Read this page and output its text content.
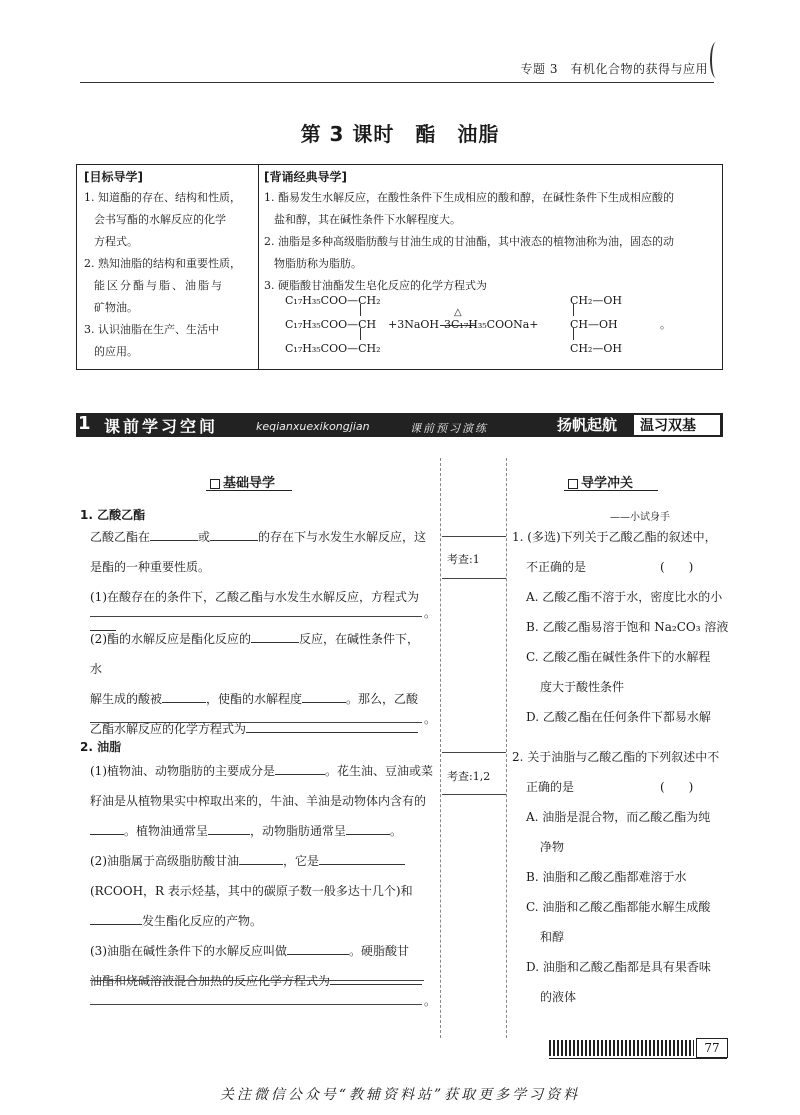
专题 3　有机化合物的获得与应用
第 3 课时　酯　油脂
[目标导学]
1. 知道酯的存在、结构和性质，
会书写酯的水解反应的化学
方程式。
2. 熟知油脂的结构和重要性质，
能区分酯与脂、油脂与
矿物油。
3. 认识油脂在生产、生活中
的应用。
[背诵经典导学]
1. 酯易发生水解反应，在酸性条件下生成相应的酸和醇，在碱性条件下生成相应酸的
盐和醇，其在碱性条件下水解程度大。
2. 油脂是多种高级脂肪酸与甘油生成的甘油酯，其中液态的植物油称为油，固态的动
物脂肪称为脂肪。
3. 硬脂酸甘油酯发生皂化反应的化学方程式为
C₁₇H₃₅COO—CH₂
C₁₇H₃₅COO—CH
C₁₇H₃₅COO—CH₂
+3NaOH
△
3C₁₇H₃₅COONa+
CH₂—OH
CH—OH
CH₂—OH
。
1 课前学习空间	keqianxuexikongjian	课前预习演练	扬帆起航 温习双基
基础导学
1. 乙酸乙酯
乙酸乙酯在	或	的存在下与水发生水解反应，这
是酯的一种重要性质。
(1)在酸存在的条件下，乙酸乙酯与水发生水解反应，方程式为
。
(2)酯的水解反应是酯化反应的	反应，在碱性条件下，水
解生成的酸被	，使酯的水解程度	。那么，乙酸
乙酯水解反应的化学方程式为
。
2. 油脂
(1)植物油、动物脂肪的主要成分是	。花生油、豆油或菜
籽油是从植物果实中榨取出来的，牛油、羊油是动物体内含有的
。植物油通常呈	，动物脂肪通常呈	。
(2)油脂属于高级脂肪酸甘油	，它是
(RCOOH，R 表示烃基，其中的碳原子数一般多达十几个)和
发生酯化反应的产物。
(3)油脂在碱性条件下的水解反应叫做	。硬脂酸甘
油酯和烧碱溶液混合加热的反应化学方程式为
。
考查:1
考查:1,2
导学冲关
——小试身手
1. (多选)下列关于乙酸乙酯的叙述中，
不正确的是	(　　)
A. 乙酸乙酯不溶于水，密度比水的小
B. 乙酸乙酯易溶于饱和 Na₂CO₃ 溶液
C. 乙酸乙酯在碱性条件下的水解程
度大于酸性条件
D. 乙酸乙酯在任何条件下都易水解
2. 关于油脂与乙酸乙酯的下列叙述中不
正确的是	(　　)
A. 油脂是混合物，而乙酸乙酯为纯
净物
B. 油脂和乙酸乙酯都难溶于水
C. 油脂和乙酸乙酯都能水解生成酸
和醇
D. 油脂和乙酸乙酯都是具有果香味
的液体
77
关注微信公众号“教辅资料站”获取更多学习资料
